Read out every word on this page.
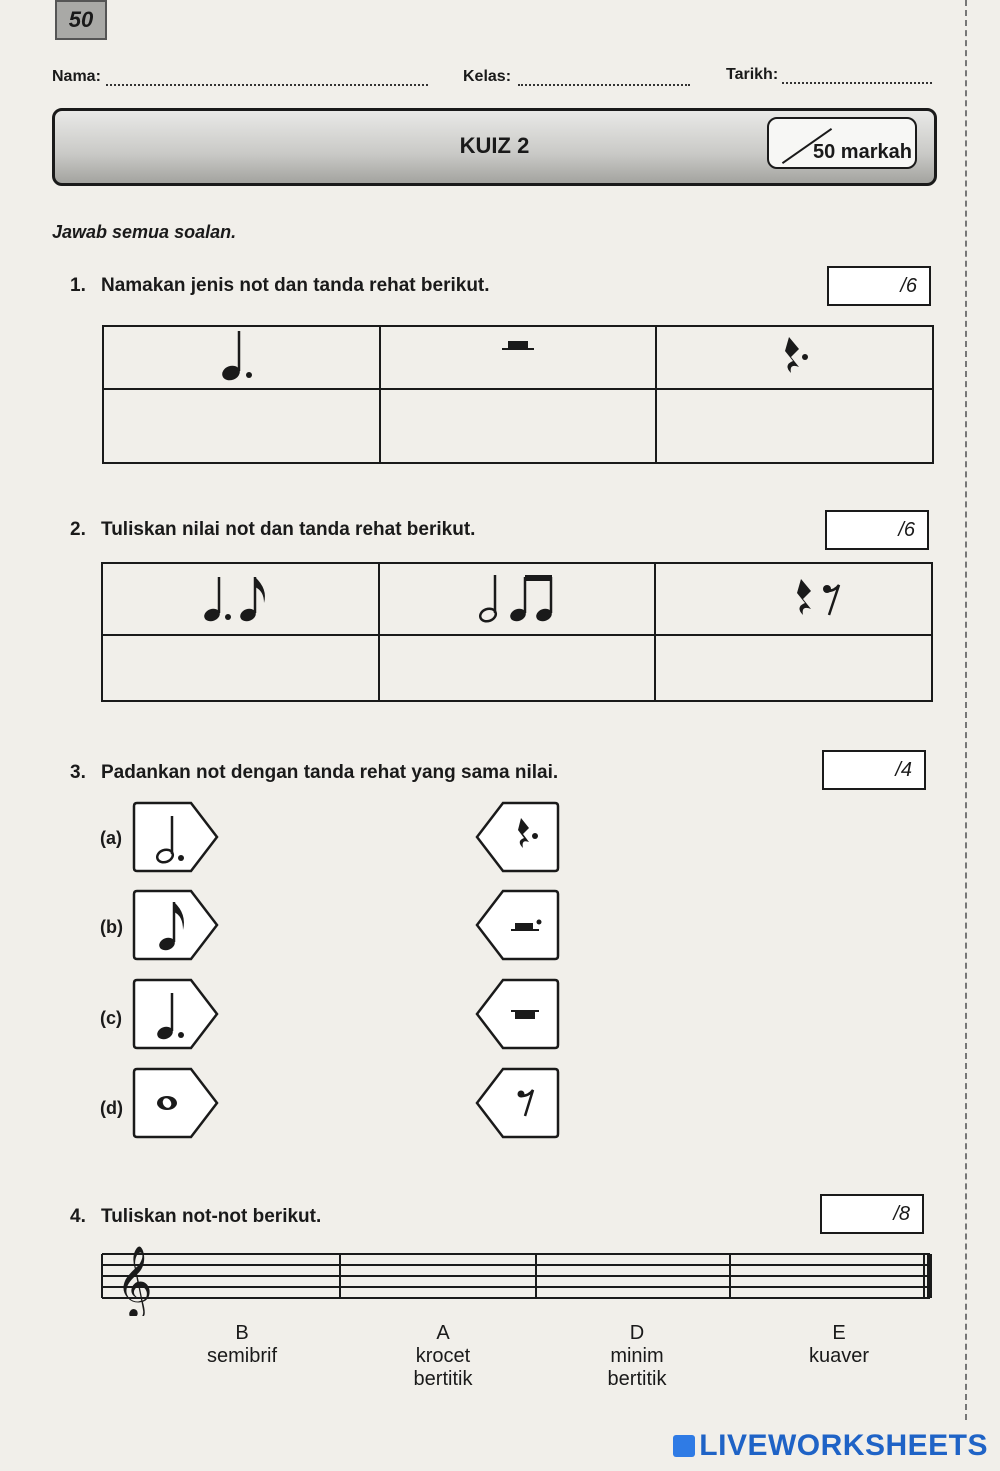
50
Nama:	Kelas:	Tarikh:
KUIZ 2	50 markah
Jawab semua soalan.
1. Namakan jenis not dan tanda rehat berikut.	/6

2. Tuliskan nilai not dan tanda rehat berikut.	/6

3. Padankan not dengan tanda rehat yang sama nilai.	/4
(a)
(b)
(c)
(d)
4. Tuliskan not-not berikut.	/8
𝄞
B
semibrif
A
krocet
bertitik
D
minim
bertitik
E
kuaver
LIVEWORKSHEETS
